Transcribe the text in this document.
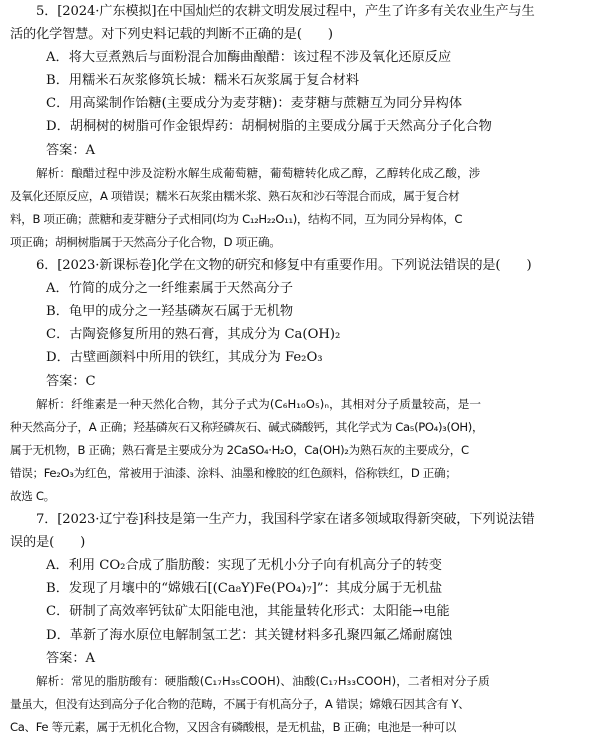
5．[2024·广东模拟]在中国灿烂的农耕文明发展过程中，产生了许多有关农业生产与生
活的化学智慧。对下列史料记载的判断不正确的是(　　)
A．将大豆煮熟后与面粉混合加酶曲酿醋：该过程不涉及氧化还原反应
B．用糯米石灰浆修筑长城：糯米石灰浆属于复合材料
C．用高粱制作饴糖(主要成分为麦芽糖)：麦芽糖与蔗糖互为同分异构体
D．胡桐树的树脂可作金银焊药：胡桐树脂的主要成分属于天然高分子化合物
答案：A
解析：酿醋过程中涉及淀粉水解生成葡萄糖，葡萄糖转化成乙醇，乙醇转化成乙酸，涉
及氧化还原反应，A 项错误；糯米石灰浆由糯米浆、熟石灰和沙石等混合而成，属于复合材
料，B 项正确；蔗糖和麦芽糖分子式相同(均为 C₁₂H₂₂O₁₁)，结构不同，互为同分异构体，C
项正确；胡桐树脂属于天然高分子化合物，D 项正确。
6．[2023·新课标卷]化学在文物的研究和修复中有重要作用。下列说法错误的是(　　)
A．竹简的成分之一纤维素属于天然高分子
B．龟甲的成分之一羟基磷灰石属于无机物
C．古陶瓷修复所用的熟石膏，其成分为 Ca(OH)₂
D．古壁画颜料中所用的铁红，其成分为 Fe₂O₃
答案：C
解析：纤维素是一种天然化合物，其分子式为(C₆H₁₀O₅)ₙ，其相对分子质量较高，是一
种天然高分子，A 正确；羟基磷灰石又称羟磷灰石、碱式磷酸钙，其化学式为 Ca₅(PO₄)₃(OH)，
属于无机物，B 正确；熟石膏是主要成分为 2CaSO₄·H₂O，Ca(OH)₂为熟石灰的主要成分，C
错误；Fe₂O₃为红色，常被用于油漆、涂料、油墨和橡胶的红色颜料，俗称铁红，D 正确；
故选 C。
7．[2023·辽宁卷]科技是第一生产力，我国科学家在诸多领域取得新突破，下列说法错
误的是(　　)
A．利用 CO₂合成了脂肪酸：实现了无机小分子向有机高分子的转变
B．发现了月壤中的“嫦娥石[(Ca₈Y)Fe(PO₄)₇]”：其成分属于无机盐
C．研制了高效率钙钛矿太阳能电池，其能量转化形式：太阳能→电能
D．革新了海水原位电解制氢工艺：其关键材料多孔聚四氟乙烯耐腐蚀
答案：A
解析：常见的脂肪酸有：硬脂酸(C₁₇H₃₅COOH)、油酸(C₁₇H₃₃COOH)，二者相对分子质
量虽大，但没有达到高分子化合物的范畴，不属于有机高分子，A 错误；嫦娥石因其含有 Y、
Ca、Fe 等元素，属于无机化合物，又因含有磷酸根，是无机盐，B 正确；电池是一种可以
